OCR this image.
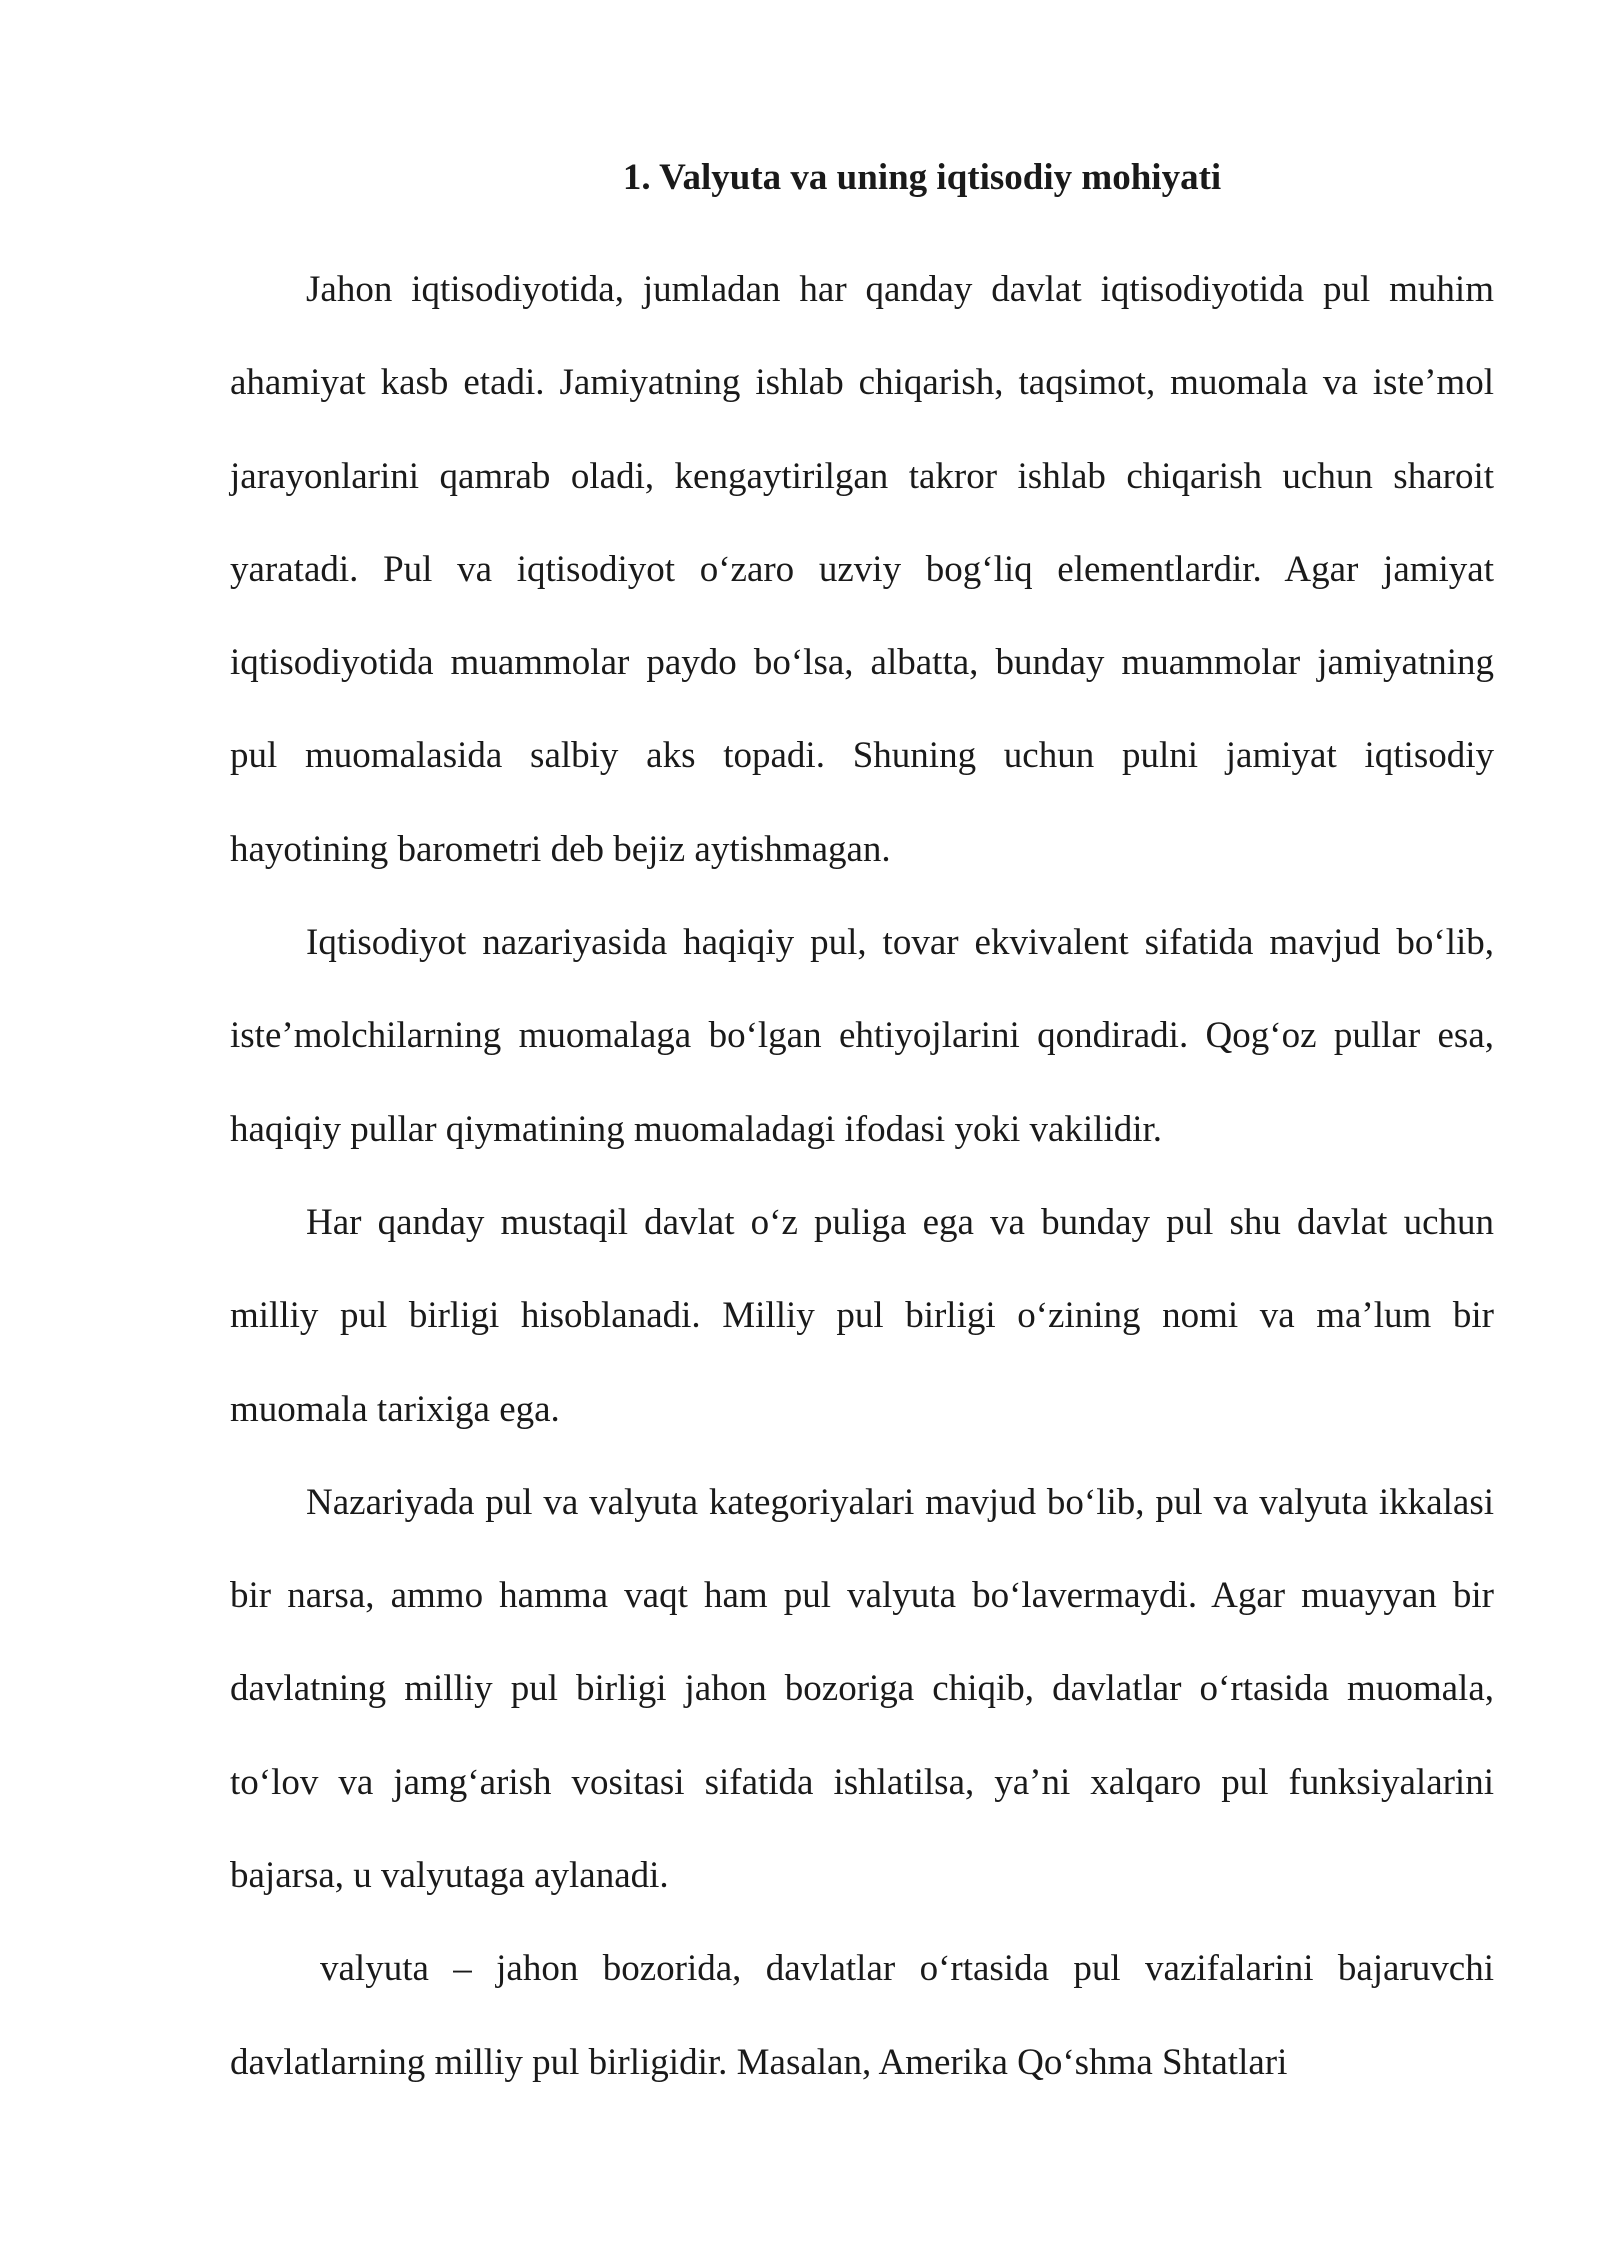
1. Valyuta va uning iqtisodiy mohiyati

Jahon iqtisodiyotida, jumladan har qanday davlat iqtisodiyotida pul muhim ahamiyat kasb etadi. Jamiyatning ishlab chiqarish, taqsimot, muomala va iste’mol jarayonlarini qamrab oladi, kengaytirilgan takror ishlab chiqarish uchun sharoit yaratadi. Pul va iqtisodiyot o‘zaro uzviy bog‘liq elementlardir. Agar jamiyat iqtisodiyotida muammolar paydo bo‘lsa, albatta, bunday muammolar jamiyatning pul muomalasida salbiy aks topadi. Shuning uchun pulni jamiyat iqtisodiy hayotining barometri deb bejiz aytishmagan.

Iqtisodiyot nazariyasida haqiqiy pul, tovar ekvivalent sifatida mavjud bo‘lib, iste’molchilarning muomalaga bo‘lgan ehtiyojlarini qondiradi. Qog‘oz pullar esa, haqiqiy pullar qiymatining muomaladagi ifodasi yoki vakilidir.

Har qanday mustaqil davlat o‘z puliga ega va bunday pul shu davlat uchun milliy pul birligi hisoblanadi. Milliy pul birligi o‘zining nomi va ma’lum bir muomala tarixiga ega.

Nazariyada pul va valyuta kategoriyalari mavjud bo‘lib, pul va valyuta ikkalasi bir narsa, ammo hamma vaqt ham pul valyuta bo‘lavermaydi. Agar muayyan bir davlatning milliy pul birligi jahon bozoriga chiqib, davlatlar o‘rtasida muomala, to‘lov va jamg‘arish vositasi sifatida ishlatilsa, ya’ni xalqaro pul funksiyalarini bajarsa, u valyutaga aylanadi.

valyuta – jahon bozorida, davlatlar o‘rtasida pul vazifalarini bajaruvchi davlatlarning milliy pul birligidir. Masalan, Amerika Qo‘shma Shtatlari
